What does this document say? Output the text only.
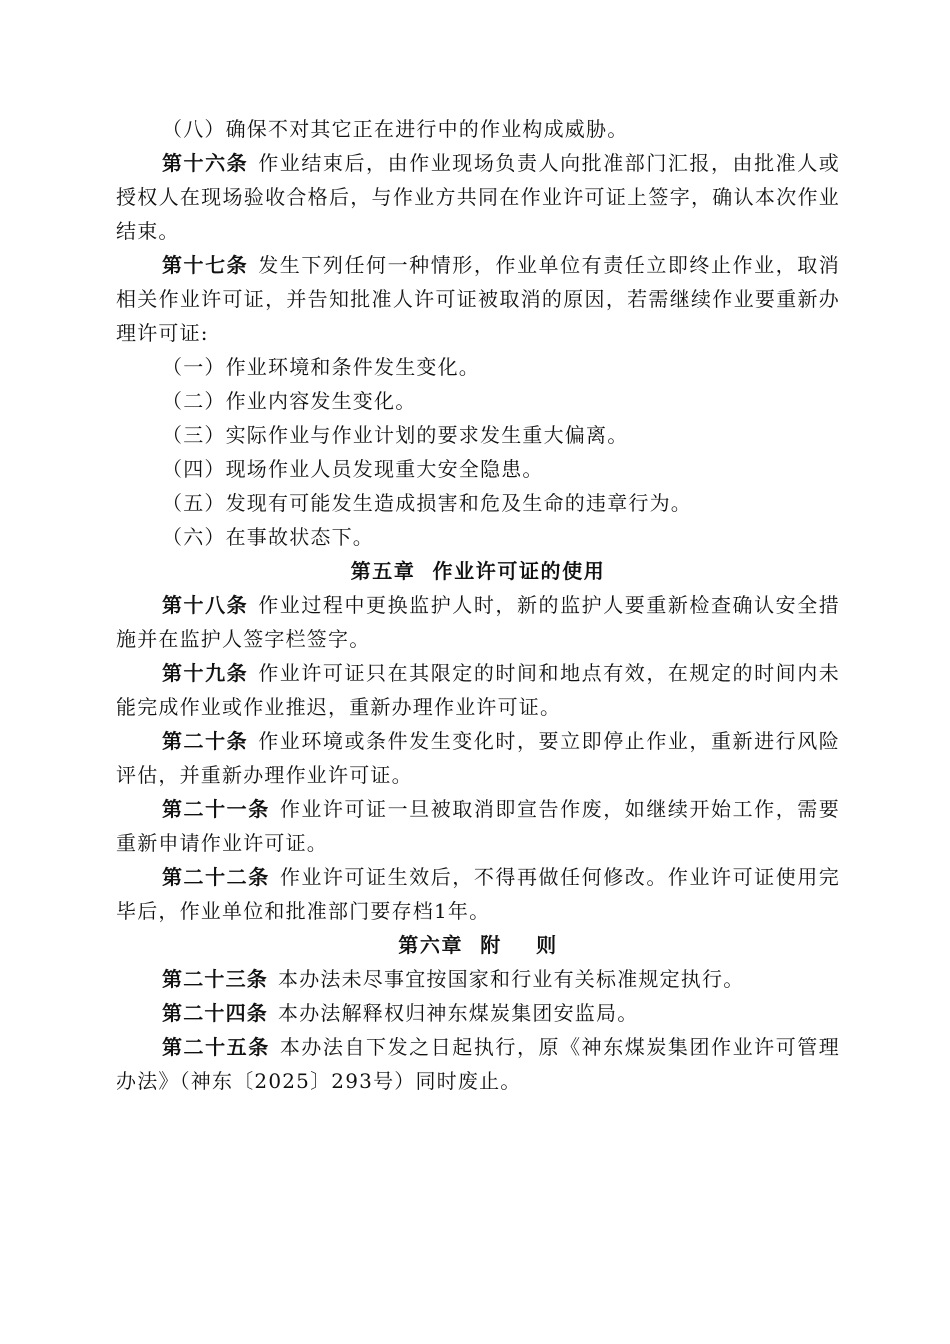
（八）确保不对其它正在进行中的作业构成威胁。

第十六条 作业结束后，由作业现场负责人向批准部门汇报，由批准人或授权人在现场验收合格后，与作业方共同在作业许可证上签字，确认本次作业结束。

第十七条 发生下列任何一种情形，作业单位有责任立即终止作业，取消相关作业许可证，并告知批准人许可证被取消的原因，若需继续作业要重新办理许可证:

（一）作业环境和条件发生变化。

（二）作业内容发生变化。

（三）实际作业与作业计划的要求发生重大偏离。

（四）现场作业人员发现重大安全隐患。

（五）发现有可能发生造成损害和危及生命的违章行为。

（六）在事故状态下。

第五章  作业许可证的使用

第十八条 作业过程中更换监护人时，新的监护人要重新检查确认安全措施并在监护人签字栏签字。

第十九条 作业许可证只在其限定的时间和地点有效，在规定的时间内未能完成作业或作业推迟，重新办理作业许可证。

第二十条 作业环境或条件发生变化时，要立即停止作业，重新进行风险评估，并重新办理作业许可证。

第二十一条 作业许可证一旦被取消即宣告作废，如继续开始工作，需要重新申请作业许可证。

第二十二条 作业许可证生效后，不得再做任何修改。作业许可证使用完毕后，作业单位和批准部门要存档1年。

第六章  附    则

第二十三条 本办法未尽事宜按国家和行业有关标准规定执行。

第二十四条 本办法解释权归神东煤炭集团安监局。

第二十五条 本办法自下发之日起执行，原《神东煤炭集团作业许可管理办法》（神东〔2025〕293号）同时废止。
